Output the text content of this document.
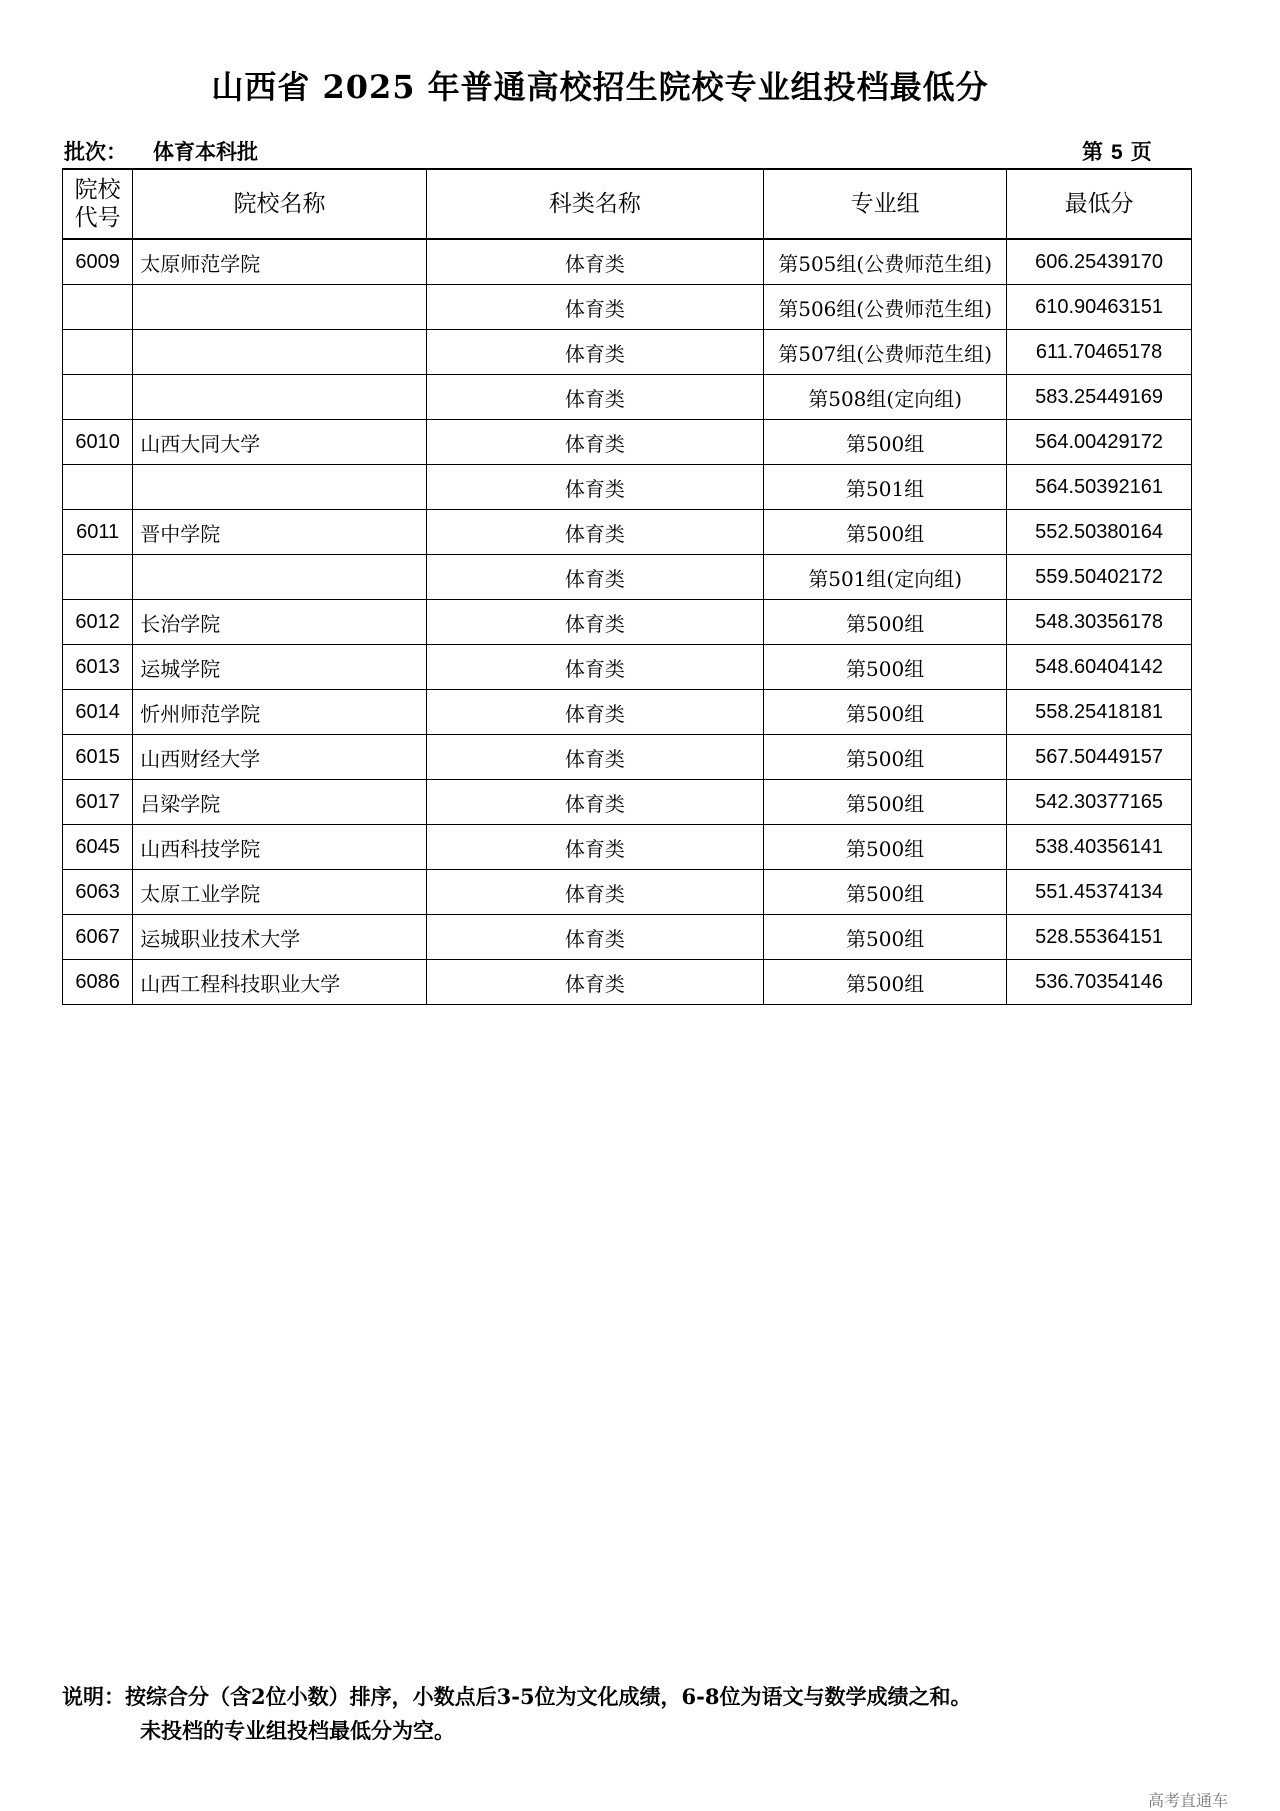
山西省 2025 年普通高校招生院校专业组投档最低分
批次： 体育本科批	第 5 页
院校代号	院校名称	科类名称	专业组	最低分
6009	太原师范学院	体育类	第505组(公费师范生组)	606.25439170
		体育类	第506组(公费师范生组)	610.90463151
		体育类	第507组(公费师范生组)	611.70465178
		体育类	第508组(定向组)	583.25449169
6010	山西大同大学	体育类	第500组	564.00429172
		体育类	第501组	564.50392161
6011	晋中学院	体育类	第500组	552.50380164
		体育类	第501组(定向组)	559.50402172
6012	长治学院	体育类	第500组	548.30356178
6013	运城学院	体育类	第500组	548.60404142
6014	忻州师范学院	体育类	第500组	558.25418181
6015	山西财经大学	体育类	第500组	567.50449157
6017	吕梁学院	体育类	第500组	542.30377165
6045	山西科技学院	体育类	第500组	538.40356141
6063	太原工业学院	体育类	第500组	551.45374134
6067	运城职业技术大学	体育类	第500组	528.55364151
6086	山西工程科技职业大学	体育类	第500组	536.70354146
说明：按综合分（含2位小数）排序，小数点后3-5位为文化成绩，6-8位为语文与数学成绩之和。
未投档的专业组投档最低分为空。
高考直通车
